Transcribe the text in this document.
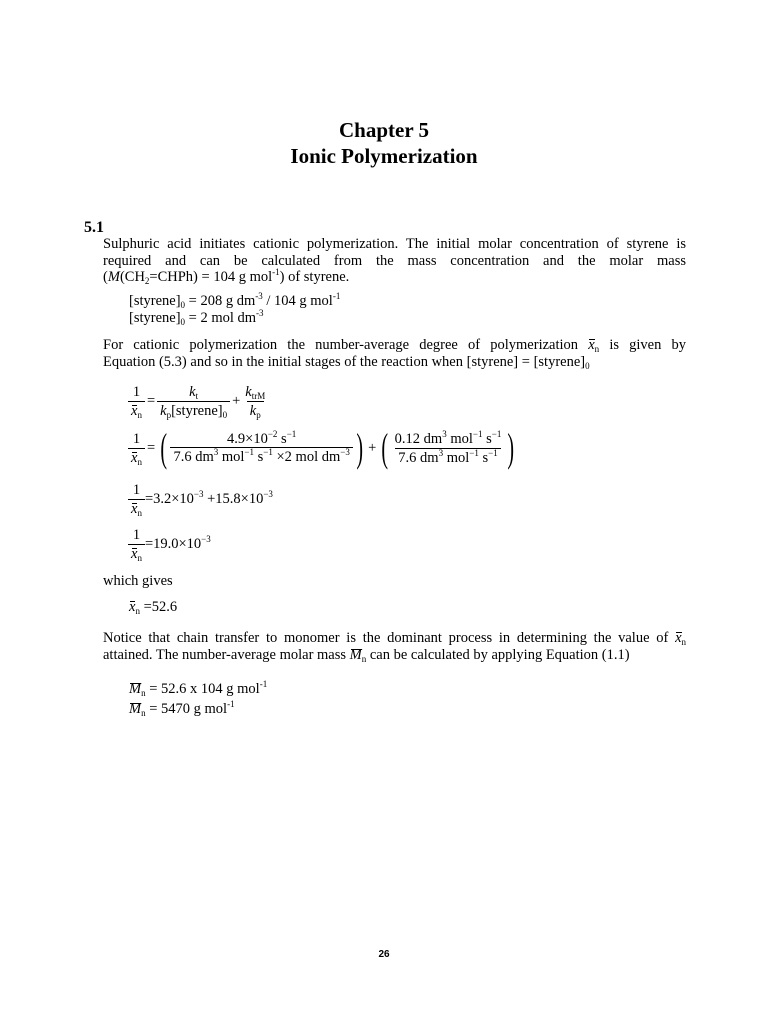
Chapter 5
Ionic Polymerization
5.1
Sulphuric acid initiates cationic polymerization. The initial molar concentration of styrene is
required and can be calculated from the mass concentration and the molar mass
($M(CH_2=CHPh) = 104$ g mol$^{-1}$) of styrene.
$[styrene]_0 = 208$ g $dm^{-3} / 104$ g mol$^{-1}$
$[styrene]_0 = 2$ mol $dm^{-3}$
For cationic polymerization the number-average degree of polymerization $x_n$ is given by
Equation (5.3) and so in the initial stages of the reaction when [styrene] = $[styrene]_0$
$\frac{1}{x_n} = \frac{k_t}{k_p[styrene]_0} + \frac{k_{trM}}{k_p}$
$\frac{1}{x_n}$ = ( $\frac{4.9\times 10^{-2} s^{-1}}{7.6 dm^3 mol^{-1} s^{-1} \times 2 mol dm^{-3}}$ ) + ( $\frac{0.12 dm^3 mol^{-1} s^{-1}}{7.6 dm^3 mol^{-1} s^{-1}}$ )
$\frac{1}{x_n} =3.2\times 10^{-3} +15.8\times 10^{-3}$
$\frac{1}{x_n} =19.0\times 10^{-3}$
which gives
$x_n =52.6$
Notice that chain transfer to monomer is the dominant process in determining the value of $x_n$
attained. The number-average molar mass $M_n$ can be calculated by applying Equation (1.1)
$M_n = 52.6$ x 104 g mol$^{-1}$
$M_n = 5470$ g mol$^{-1}$
26
